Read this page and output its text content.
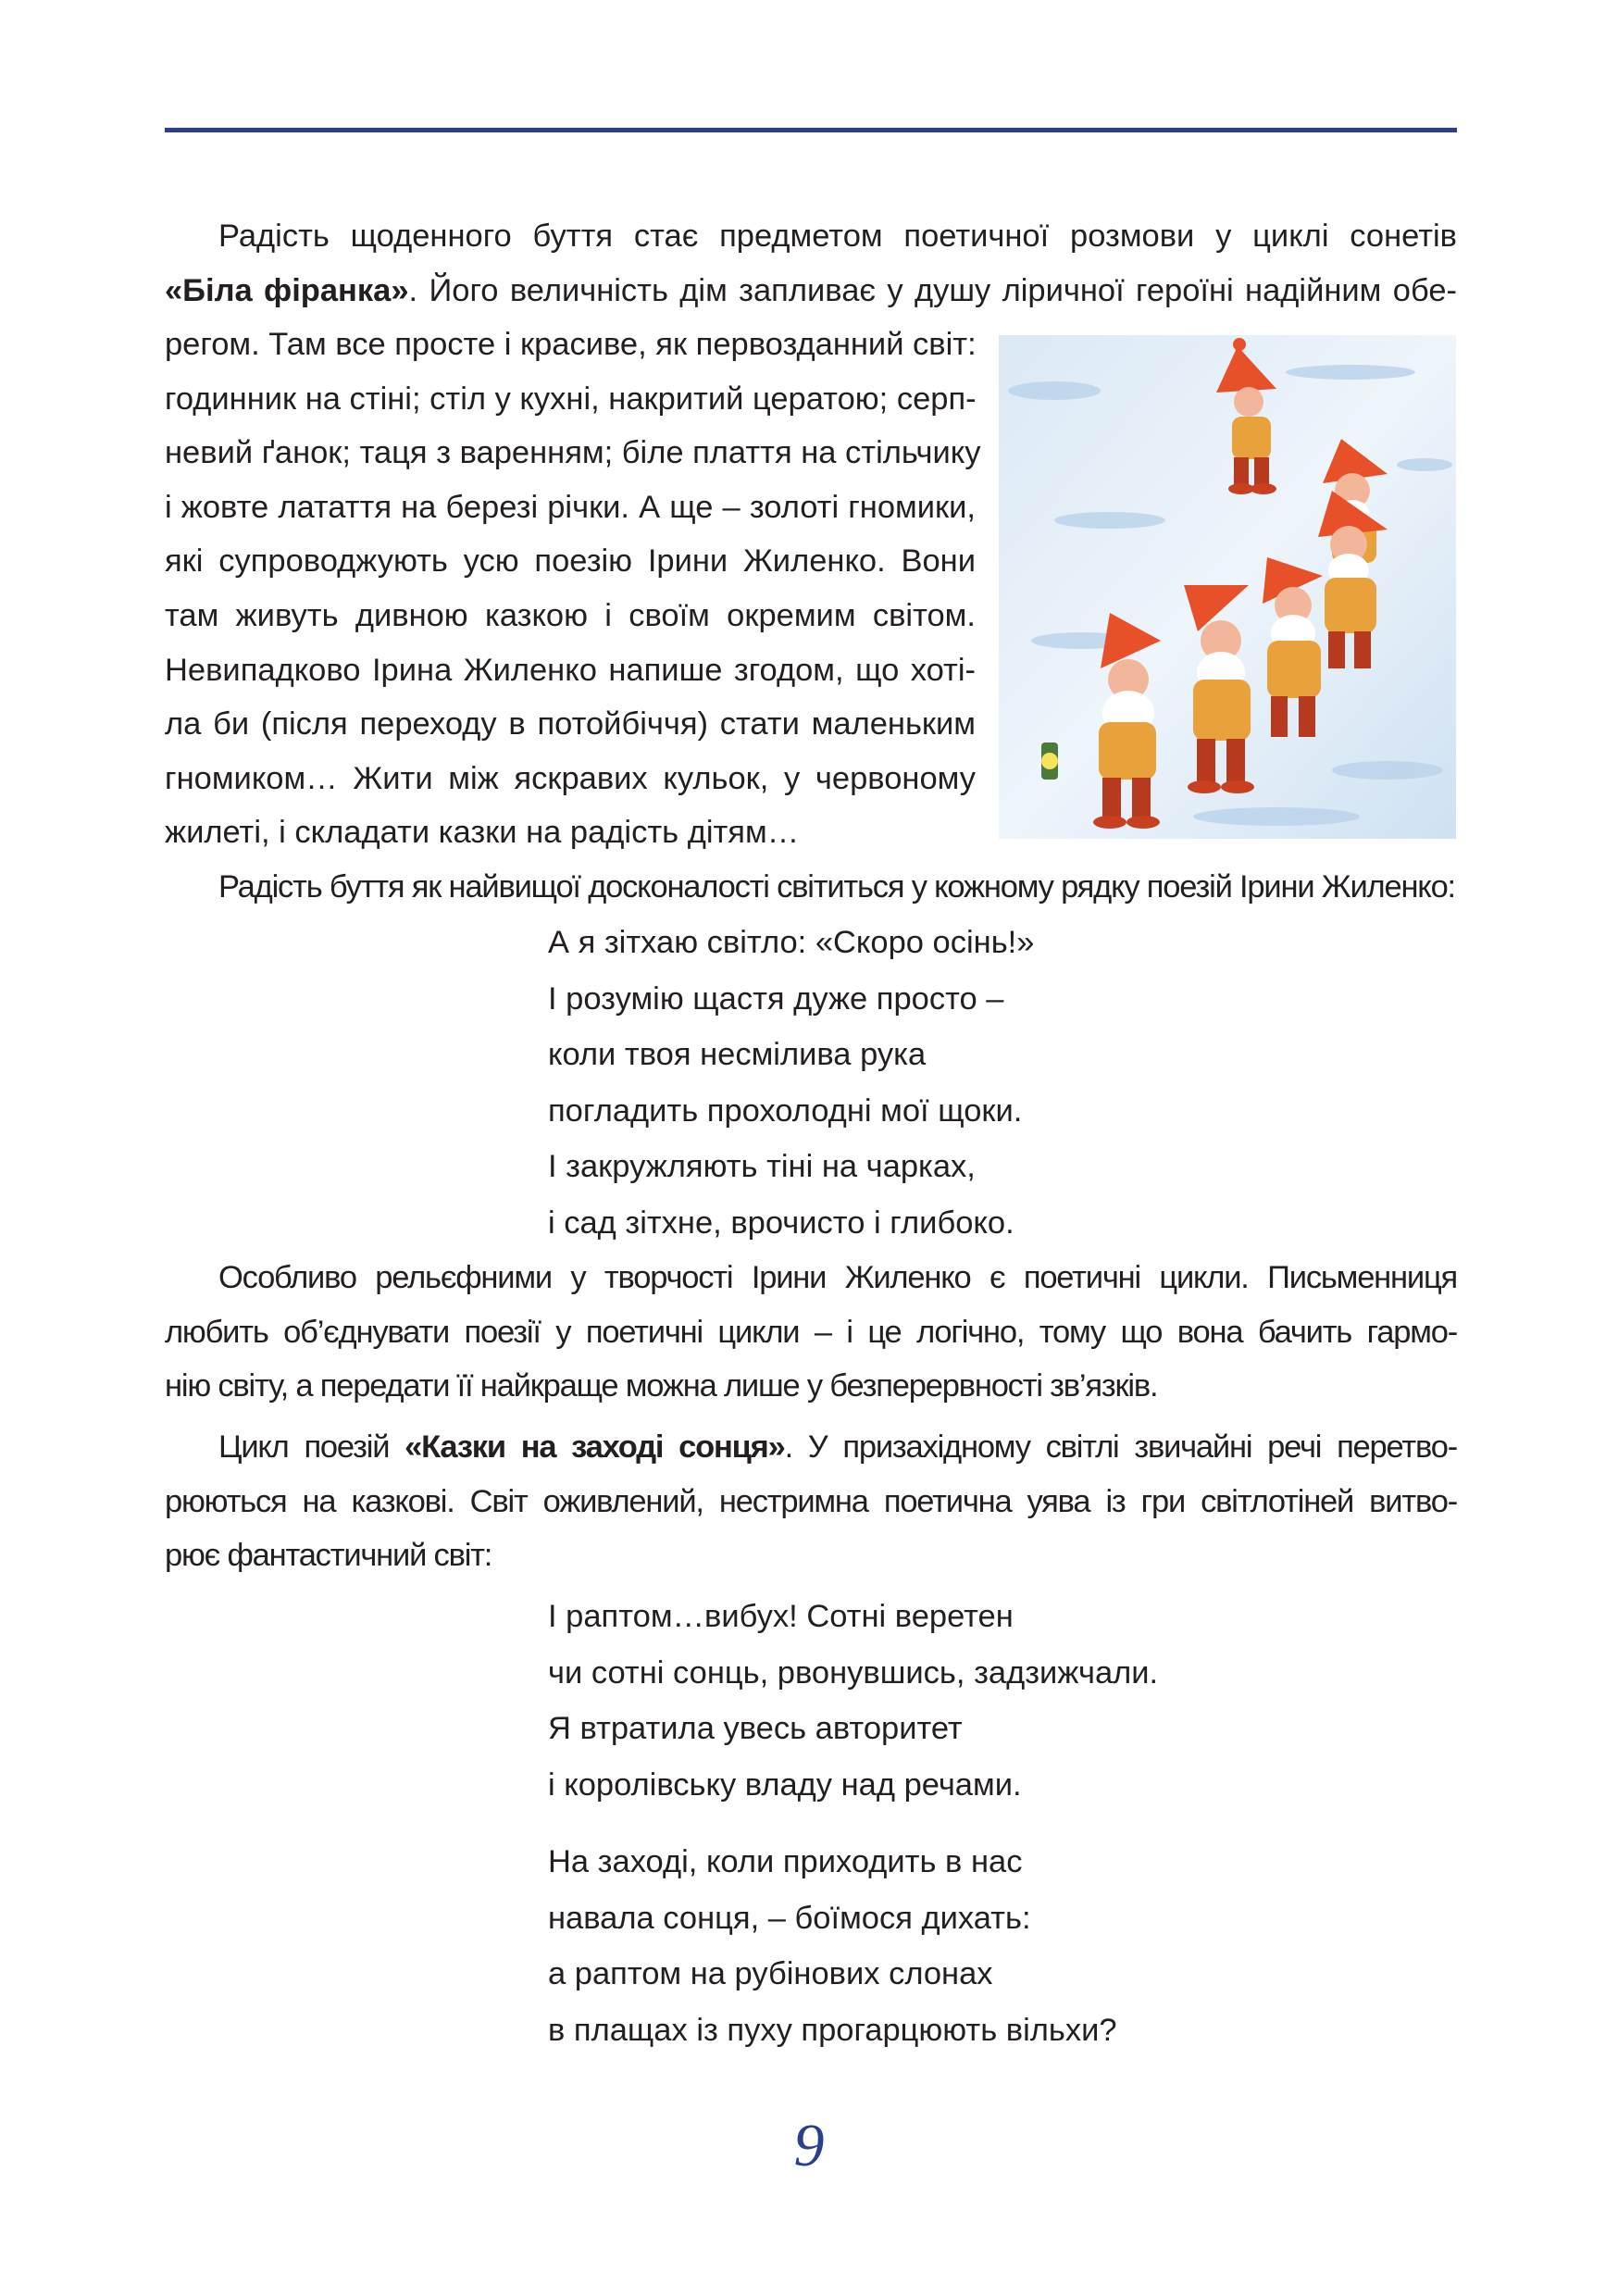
Радість щоденного буття стає предметом поетичної розмови у циклі сонетів
«Біла фіранка». Його величність дім запливає у душу ліричної героїні надійним обе-
регом. Там все просте і красиве, як первозданний світ:
годинник на стіні; стіл у кухні, накритий цератою; серп-
невий ґанок; таця з варенням; біле плаття на стільчику
і жовте латаття на березі річки. А ще – золоті гномики,
які супроводжують усю поезію Ірини Жиленко. Вони
там живуть дивною казкою і своїм окремим світом.
Невипадково Ірина Жиленко напише згодом, що хоті-
ла би (після переходу в потойбіччя) стати маленьким
гномиком… Жити між яскравих кульок, у червоному
жилеті, і складати казки на радість дітям…
Радість буття як найвищої досконалості світиться у кожному рядку поезій Ірини Жиленко:
А я зітхаю світло: «Скоро осінь!»
І розумію щастя дуже просто –
коли твоя несмілива рука
погладить прохолодні мої щоки.
І закружляють тіні на чарках,
і сад зітхне, врочисто і глибоко.
Особливо рельєфними у творчості Ірини Жиленко є поетичні цикли. Письменниця
любить об’єднувати поезії у поетичні цикли – і це логічно, тому що вона бачить гармо-
нію світу, а передати її найкраще можна лише у безперервності зв’язків.
Цикл поезій «Казки на заході сонця». У призахідному світлі звичайні речі перетво-
рюються на казкові. Світ оживлений, нестримна поетична уява із гри світлотіней витво-
рює фантастичний світ:
І раптом…вибух! Сотні веретен
чи сотні сонць, рвонувшись, задзижчали.
Я втратила увесь авторитет
і королівську владу над речами.
На заході, коли приходить в нас
навала сонця, – боїмося дихать:
а раптом на рубінових слонах
в плащах із пуху прогарцюють вільхи?
9
